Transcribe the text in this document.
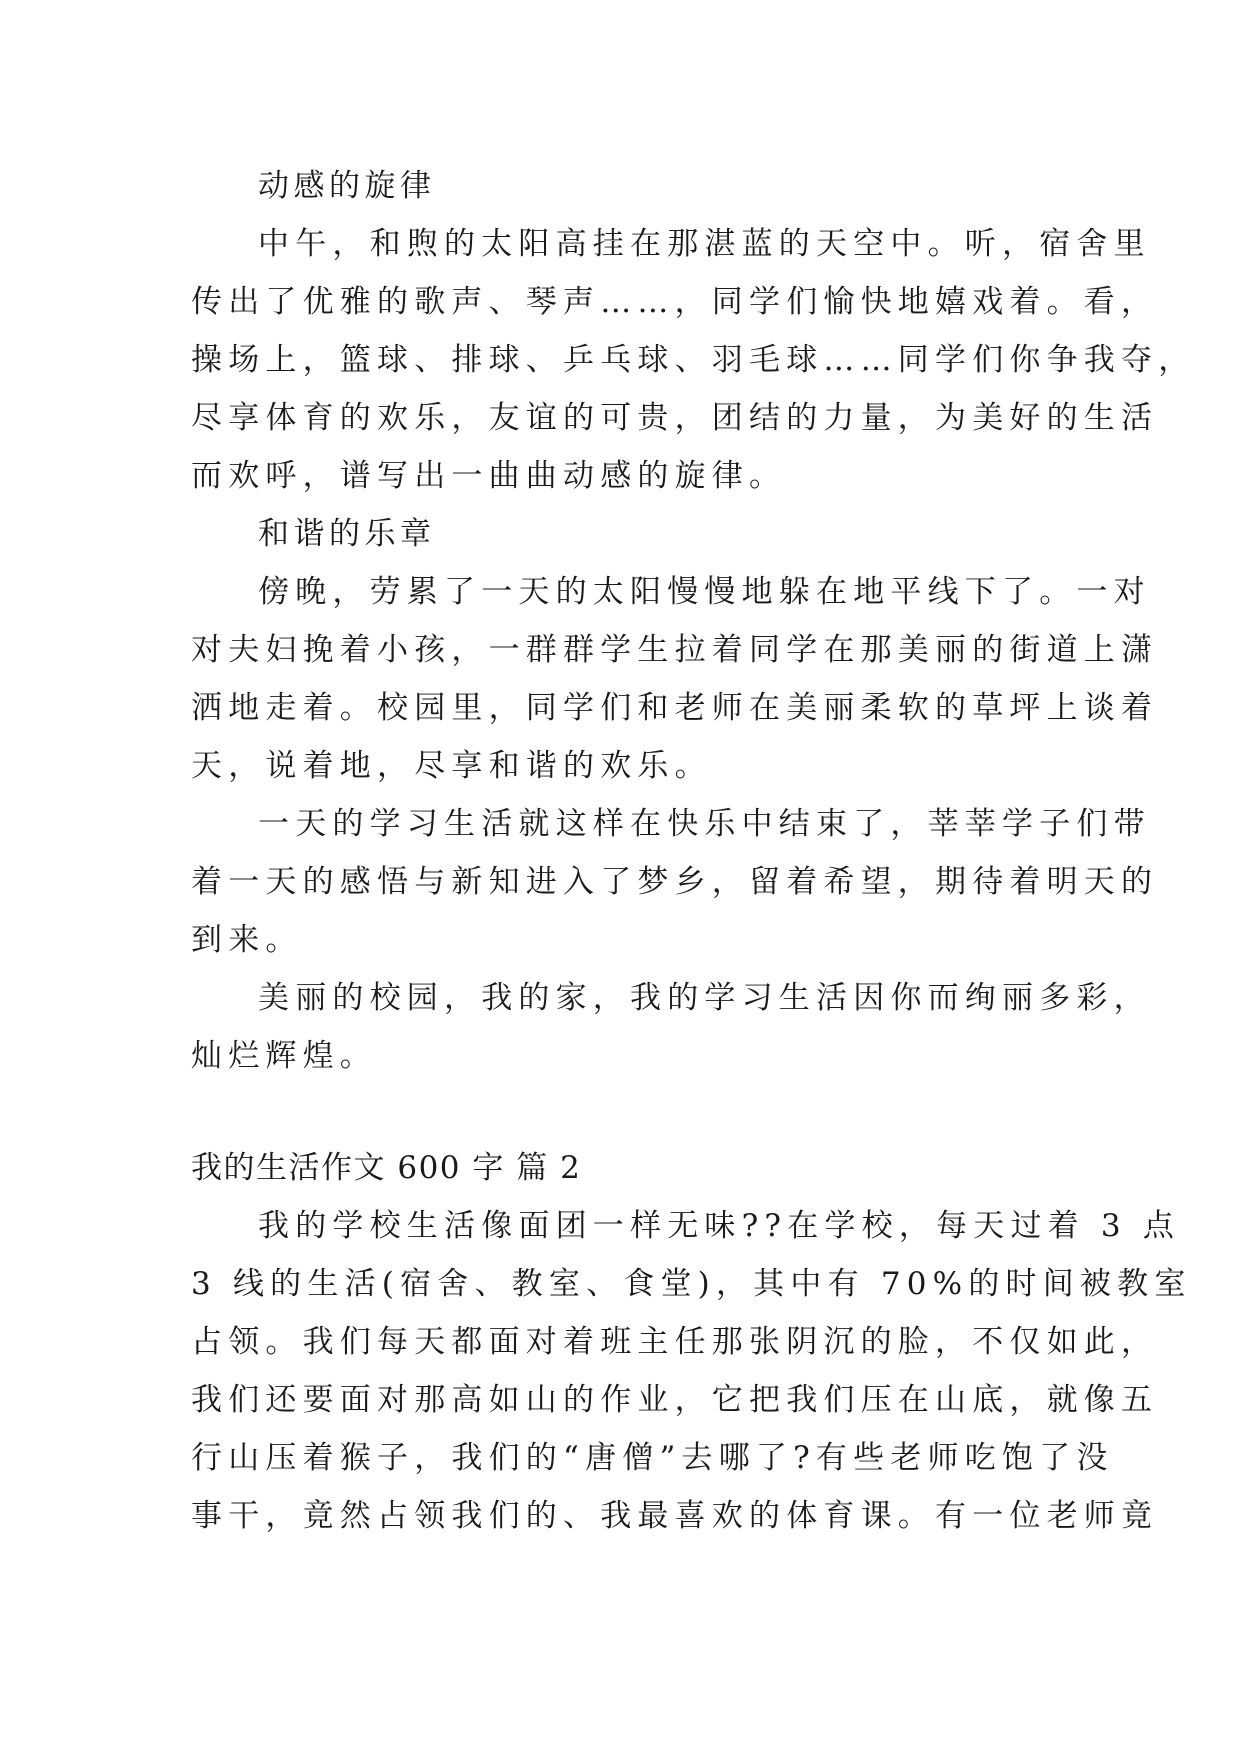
动感的旋律
中午，和煦的太阳高挂在那湛蓝的天空中。听，宿舍里
传出了优雅的歌声、琴声……，同学们愉快地嬉戏着。看，
操场上，篮球、排球、乒乓球、羽毛球……同学们你争我夺，
尽享体育的欢乐，友谊的可贵，团结的力量，为美好的生活
而欢呼，谱写出一曲曲动感的旋律。
和谐的乐章
傍晚，劳累了一天的太阳慢慢地躲在地平线下了。一对
对夫妇挽着小孩，一群群学生拉着同学在那美丽的街道上潇
洒地走着。校园里，同学们和老师在美丽柔软的草坪上谈着
天，说着地，尽享和谐的欢乐。
一天的学习生活就这样在快乐中结束了，莘莘学子们带
着一天的感悟与新知进入了梦乡，留着希望，期待着明天的
到来。
美丽的校园，我的家，我的学习生活因你而绚丽多彩，
灿烂辉煌。
我的生活作文 600 字 篇 2
我的学校生活像面团一样无味??在学校，每天过着 3 点
3 线的生活(宿舍、教室、食堂)，其中有 70%的时间被教室
占领。我们每天都面对着班主任那张阴沉的脸，不仅如此，
我们还要面对那高如山的作业，它把我们压在山底，就像五
行山压着猴子，我们的“唐僧”去哪了?有些老师吃饱了没
事干，竟然占领我们的、我最喜欢的体育课。有一位老师竟
